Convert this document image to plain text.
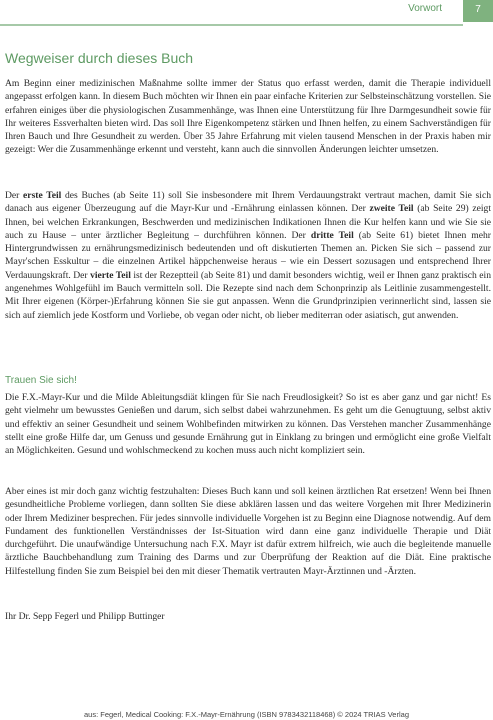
Vorwort	7
Wegweiser durch dieses Buch

Am Beginn einer medizinischen Maßnahme sollte immer der Status quo erfasst werden, damit die Therapie individuell angepasst erfolgen kann. In diesem Buch möchten wir Ihnen ein paar einfache Kriterien zur Selbsteinschätzung vorstellen. Sie erfahren einiges über die physiologischen Zusammenhänge, was Ihnen eine Unterstützung für Ihre Darmgesundheit sowie für Ihr weiteres Essverhalten bieten wird. Das soll Ihre Eigenkompetenz stärken und Ihnen helfen, zu einem Sachverständigen für Ihren Bauch und Ihre Gesundheit zu werden. Über 35 Jahre Erfahrung mit vielen tausend Menschen in der Praxis haben mir gezeigt: Wer die Zusammenhänge erkennt und versteht, kann auch die sinnvollen Änderungen leichter umsetzen.

Der erste Teil des Buches (ab Seite 11) soll Sie insbesondere mit Ihrem Verdauungstrakt vertraut machen, damit Sie sich danach aus eigener Überzeugung auf die Mayr-Kur und -Ernährung einlassen können. Der zweite Teil (ab Seite 29) zeigt Ihnen, bei welchen Erkrankungen, Beschwerden und medizinischen Indikationen Ihnen die Kur helfen kann und wie Sie sie auch zu Hause – unter ärztlicher Begleitung – durchführen können. Der dritte Teil (ab Seite 61) bietet Ihnen mehr Hintergrundwissen zu ernährungsmedizinisch bedeutenden und oft diskutierten Themen an. Picken Sie sich – passend zur Mayr'schen Esskultur – die einzelnen Artikel häppchenweise heraus – wie ein Dessert sozusagen und entsprechend Ihrer Verdauungskraft. Der vierte Teil ist der Rezeptteil (ab Seite 81) und damit besonders wichtig, weil er Ihnen ganz praktisch ein angenehmes Wohlgefühl im Bauch vermitteln soll. Die Rezepte sind nach dem Schonprinzip als Leitlinie zusammengestellt. Mit Ihrer eigenen (Körper-)Erfahrung können Sie sie gut anpassen. Wenn die Grundprinzipien verinnerlicht sind, lassen sie sich auf ziemlich jede Kostform und Vorliebe, ob vegan oder nicht, ob lieber mediterran oder asiatisch, gut anwenden.

Trauen Sie sich!

Die F.X.-Mayr-Kur und die Milde Ableitungsdiät klingen für Sie nach Freudlosigkeit? So ist es aber ganz und gar nicht! Es geht vielmehr um bewusstes Genießen und darum, sich selbst dabei wahrzunehmen. Es geht um die Genugtuung, selbst aktiv und effektiv an seiner Gesundheit und seinem Wohlbefinden mitwirken zu können. Das Verstehen mancher Zusammenhänge stellt eine große Hilfe dar, um Genuss und gesunde Ernährung gut in Einklang zu bringen und ermöglicht eine große Vielfalt an Möglichkeiten. Gesund und wohlschmeckend zu kochen muss auch nicht kompliziert sein.

Aber eines ist mir doch ganz wichtig festzuhalten: Dieses Buch kann und soll keinen ärztlichen Rat ersetzen! Wenn bei Ihnen gesundheitliche Probleme vorliegen, dann sollten Sie diese abklären lassen und das weitere Vorgehen mit Ihrer Medizinerin oder Ihrem Mediziner besprechen. Für jedes sinnvolle individuelle Vorgehen ist zu Beginn eine Diagnose notwendig. Auf dem Fundament des funktionellen Verständnisses der Ist-Situation wird dann eine ganz individuelle Therapie und Diät durchgeführt. Die unaufwändige Untersuchung nach F.X. Mayr ist dafür extrem hilfreich, wie auch die begleitende manuelle ärztliche Bauchbehandlung zum Training des Darms und zur Überprüfung der Reaktion auf die Diät. Eine praktische Hilfestellung finden Sie zum Beispiel bei den mit dieser Thematik vertrauten Mayr-Ärztinnen und -Ärzten.

Ihr Dr. Sepp Fegerl und Philipp Buttinger

aus: Fegerl, Medical Cooking: F.X.-Mayr-Ernährung (ISBN 9783432118468) © 2024 TRIAS Verlag
